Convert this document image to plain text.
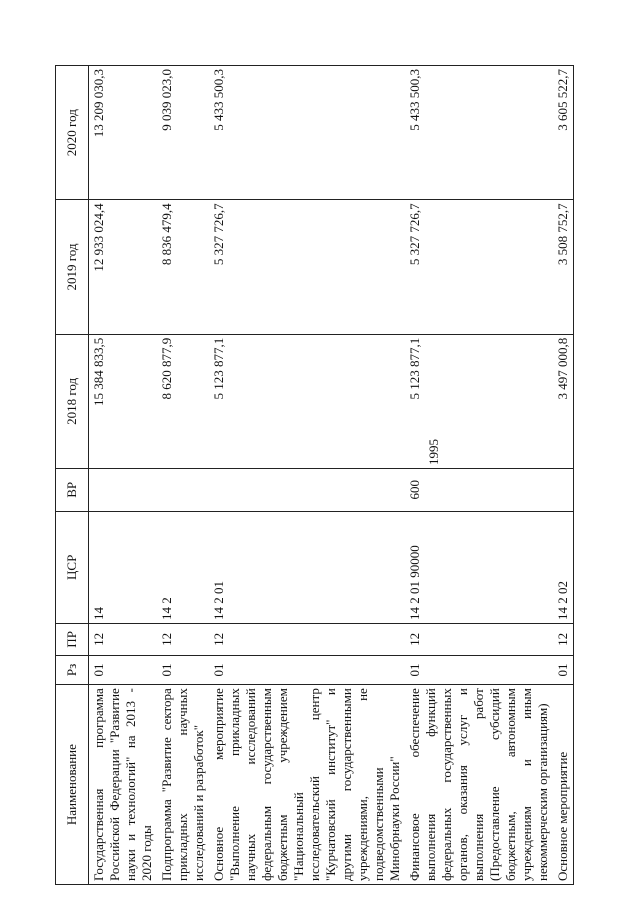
1995
Наименование	Рз	ПР	ЦСР	ВР	2018 год	2019 год	2020 год
Государственная программа Российской Федерации "Развитие науки и технологий" на 2013 - 2020 годы	01	12	14		15 384 833,5	12 933 024,4	13 209 030,3
Подпрограмма "Развитие сектора прикладных научных исследований и разработок"	01	12	14 2		8 620 877,9	8 836 479,4	9 039 023,0
Основное мероприятие "Выполнение прикладных научных исследований федеральным государственным бюджетным учреждением "Национальный исследовательский центр "Курчатовский институт" и другими государственными учреждениями, не подведомственными Минобрнауки России"	01	12	14 2 01		5 123 877,1	5 327 726,7	5 433 500,3
Финансовое обеспечение выполнения функций федеральных государственных органов, оказания услуг и выполнения работ (Предоставление субсидий бюджетным, автономным учреждениям и иным некоммерческим организациям)	01	12	14 2 01 90000	600	5 123 877,1	5 327 726,7	5 433 500,3
Основное мероприятие	01	12	14 2 02		3 497 000,8	3 508 752,7	3 605 522,7
